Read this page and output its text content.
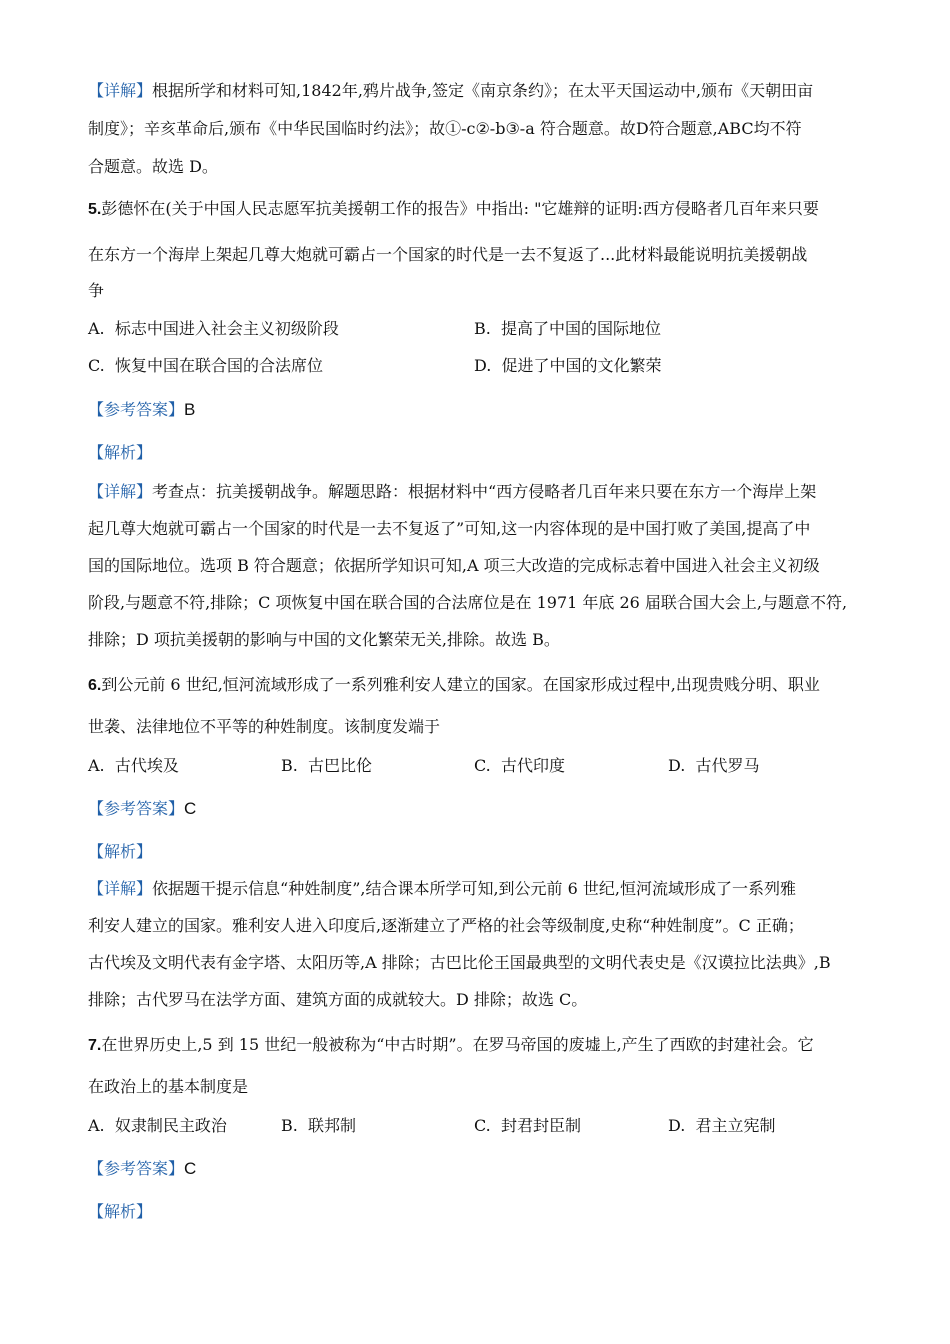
【详解】根据所学和材料可知,1842年,鸦片战争,签定《南京条约》；在太平天国运动中,颁布《天朝田亩
制度》；辛亥革命后,颁布《中华民国临时约法》；故①-c②-b③-a 符合题意。故D符合题意,ABC均不符
合题意。故选 D。
5.彭德怀在(关于中国人民志愿军抗美援朝工作的报告》中指出: "它雄辩的证明:西方侵略者几百年来只要
在东方一个海岸上架起几尊大炮就可霸占一个国家的时代是一去不复返了...此材料最能说明抗美援朝战
争
A. 标志中国进入社会主义初级阶段	B. 提高了中国的国际地位
C. 恢复中国在联合国的合法席位	D. 促进了中国的文化繁荣
【参考答案】B
【解析】
【详解】考查点：抗美援朝战争。解题思路：根据材料中“西方侵略者几百年来只要在东方一个海岸上架
起几尊大炮就可霸占一个国家的时代是一去不复返了”可知,这一内容体现的是中国打败了美国,提高了中
国的国际地位。选项 B 符合题意；依据所学知识可知,A 项三大改造的完成标志着中国进入社会主义初级
阶段,与题意不符,排除；C 项恢复中国在联合国的合法席位是在 1971 年底 26 届联合国大会上,与题意不符,
排除；D 项抗美援朝的影响与中国的文化繁荣无关,排除。故选 B。
6.到公元前 6 世纪,恒河流域形成了一系列雅利安人建立的国家。在国家形成过程中,出现贵贱分明、职业
世袭、法律地位不平等的种姓制度。该制度发端于
A. 古代埃及	B. 古巴比伦	C. 古代印度	D. 古代罗马
【参考答案】C
【解析】
【详解】依据题干提示信息“种姓制度”,结合课本所学可知,到公元前 6 世纪,恒河流域形成了一系列雅
利安人建立的国家。雅利安人进入印度后,逐渐建立了严格的社会等级制度,史称“种姓制度”。C 正确；
古代埃及文明代表有金字塔、太阳历等,A 排除；古巴比伦王国最典型的文明代表史是《汉谟拉比法典》,B
排除；古代罗马在法学方面、建筑方面的成就较大。D 排除；故选 C。
7.在世界历史上,5 到 15 世纪一般被称为“中古时期”。在罗马帝国的废墟上,产生了西欧的封建社会。它
在政治上的基本制度是
A. 奴隶制民主政治	B. 联邦制	C. 封君封臣制	D. 君主立宪制
【参考答案】C
【解析】
